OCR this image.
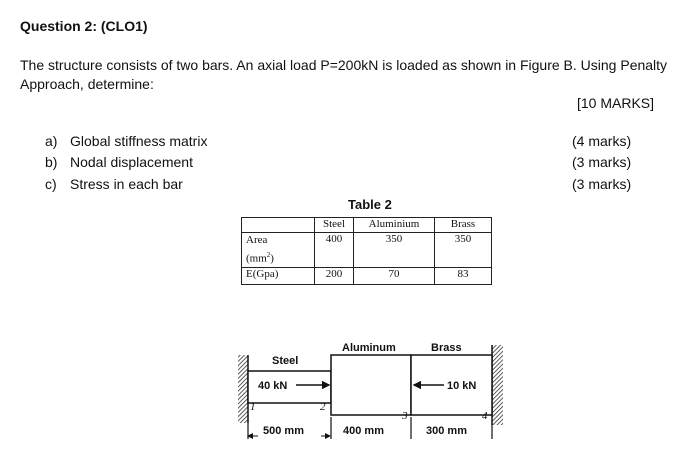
Question 2: (CLO1)
The structure consists of two bars. An axial load P=200kN is loaded as shown in Figure B. Using Penalty Approach, determine:
[10 MARKS]
a) Global stiffness matrix
b) Nodal displacement
c) Stress in each bar
(4 marks)
(3 marks)
(3 marks)
Table 2
	Steel	Aluminium	Brass
Area
$(mm^2)$	400	350	350
E(Gpa)	200	70	83
Steel
Aluminum	Brass
40 kN	10 kN
1	2
3	4
500 mm	400 mm	300 mm
